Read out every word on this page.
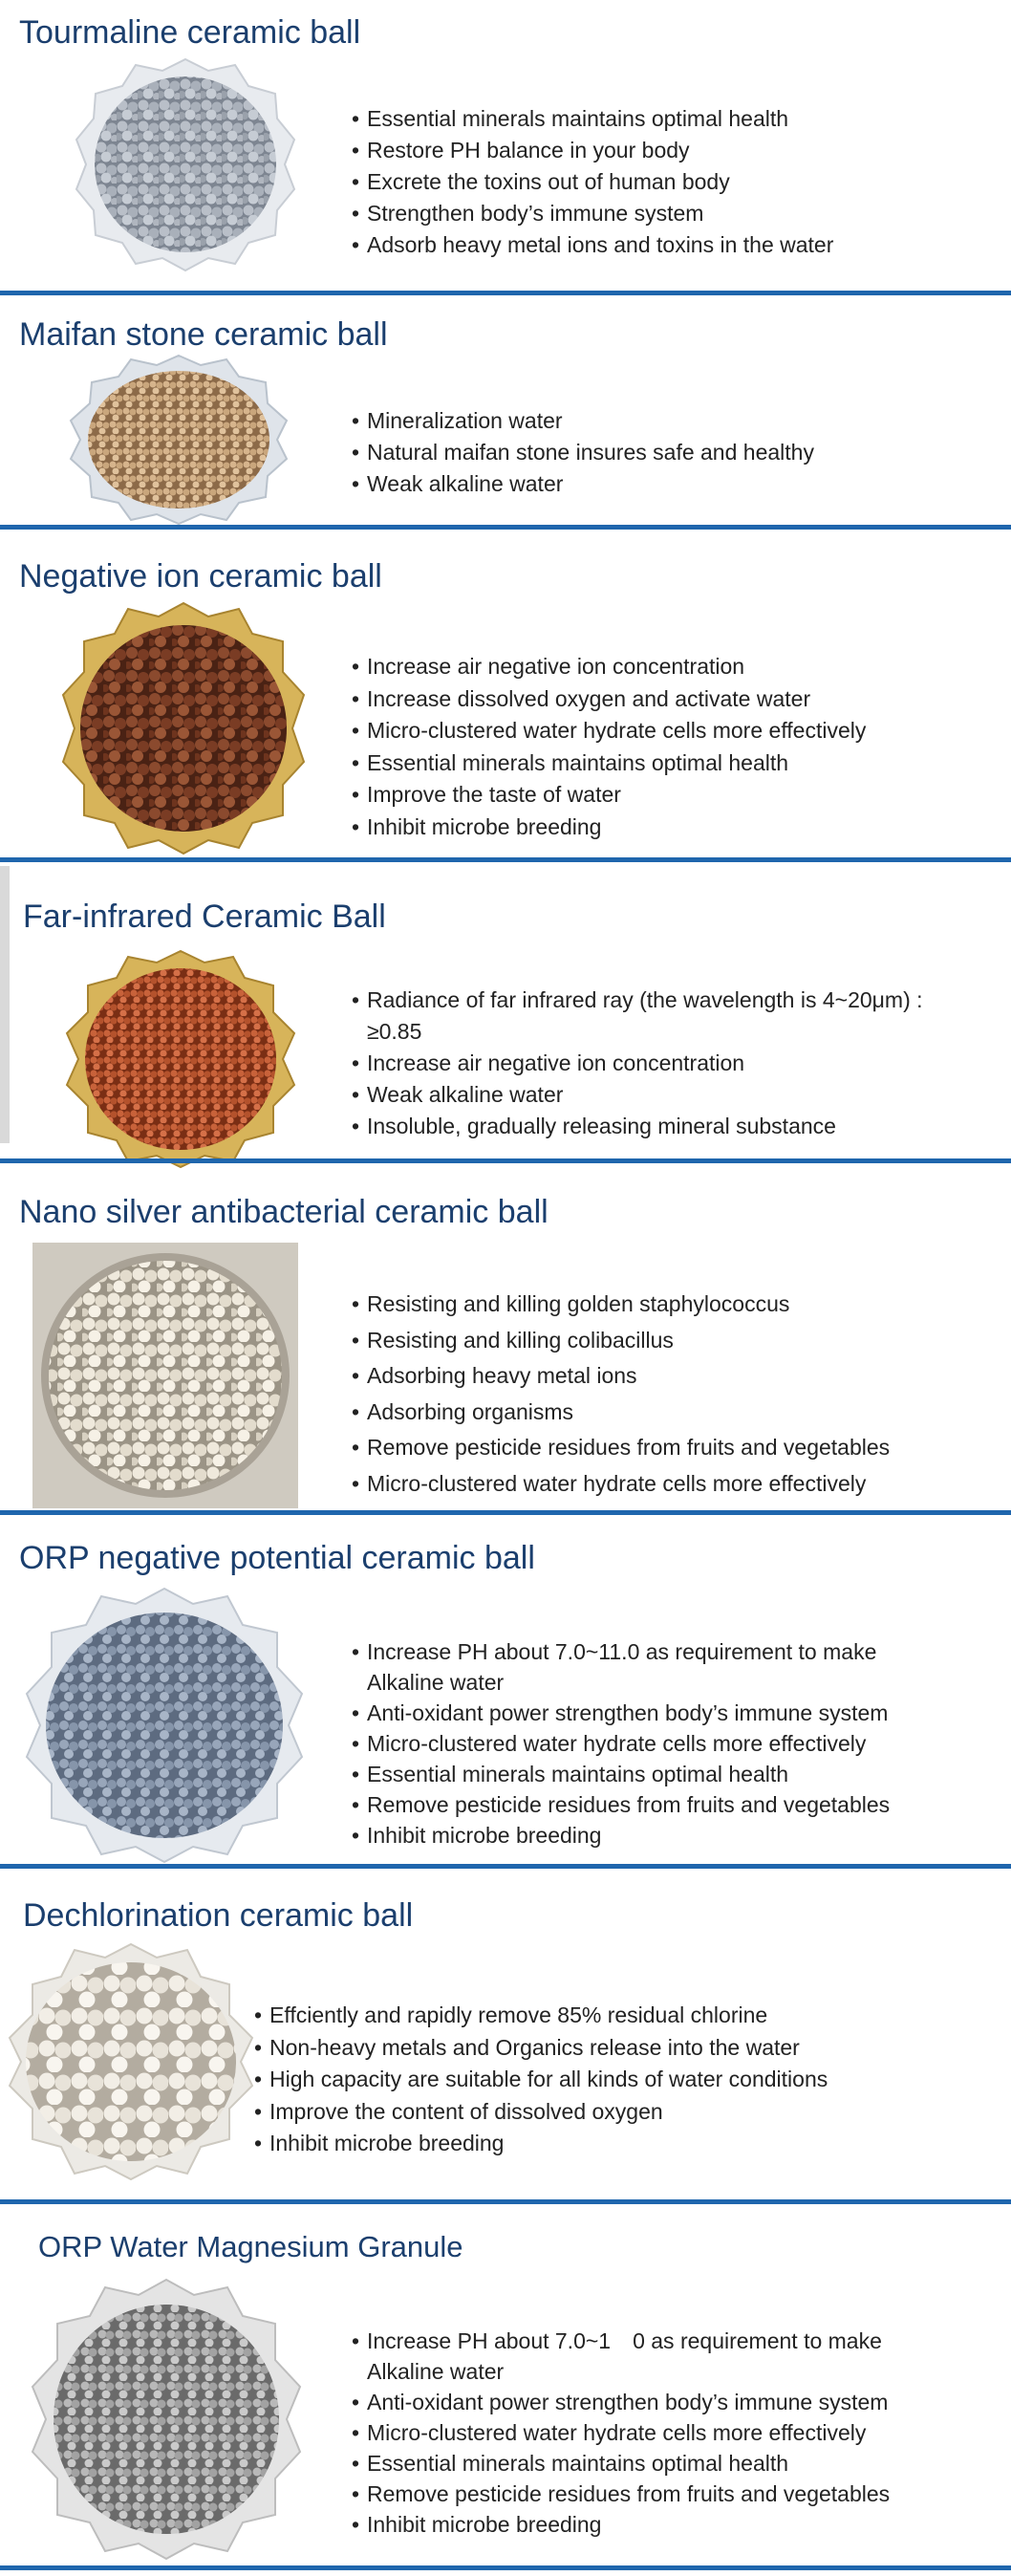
Tourmaline ceramic ball
• Essential minerals maintains optimal health
• Restore PH balance in your body
• Excrete the toxins out of human body
• Strengthen body’s immune system
• Adsorb heavy metal ions and toxins in the water
Maifan stone ceramic ball
• Mineralization water
• Natural maifan stone insures safe and healthy
• Weak alkaline water
Negative ion ceramic ball
• Increase air negative ion concentration
• Increase dissolved oxygen and activate water
• Micro-clustered water hydrate cells more effectively
• Essential minerals maintains optimal health
• Improve the taste of water
• Inhibit microbe breeding
Far-infrared Ceramic Ball
• Radiance of far infrared ray (the wavelength is 4~20μm) :
≥0.85
• Increase air negative ion concentration
• Weak alkaline water
• Insoluble, gradually releasing mineral substance
Nano silver antibacterial ceramic ball
• Resisting and killing golden staphylococcus
• Resisting and killing colibacillus
• Adsorbing heavy metal ions
• Adsorbing organisms
• Remove pesticide residues from fruits and vegetables
• Micro-clustered water hydrate cells more effectively
ORP negative potential ceramic ball
• Increase PH about 7.0~11.0 as requirement to make
Alkaline water
• Anti-oxidant power strengthen body’s immune system
• Micro-clustered water hydrate cells more effectively
• Essential minerals maintains optimal health
• Remove pesticide residues from fruits and vegetables
• Inhibit microbe breeding
Dechlorination ceramic ball
• Effciently and rapidly remove 85% residual chlorine
• Non-heavy metals and Organics release into the water
• High capacity are suitable for all kinds of water conditions
• Improve the content of dissolved oxygen
• Inhibit microbe breeding
ORP Water Magnesium Granule
• Increase PH about 7.0~1　0 as requirement to make
Alkaline water
• Anti-oxidant power strengthen body’s immune system
• Micro-clustered water hydrate cells more effectively
• Essential minerals maintains optimal health
• Remove pesticide residues from fruits and vegetables
• Inhibit microbe breeding
